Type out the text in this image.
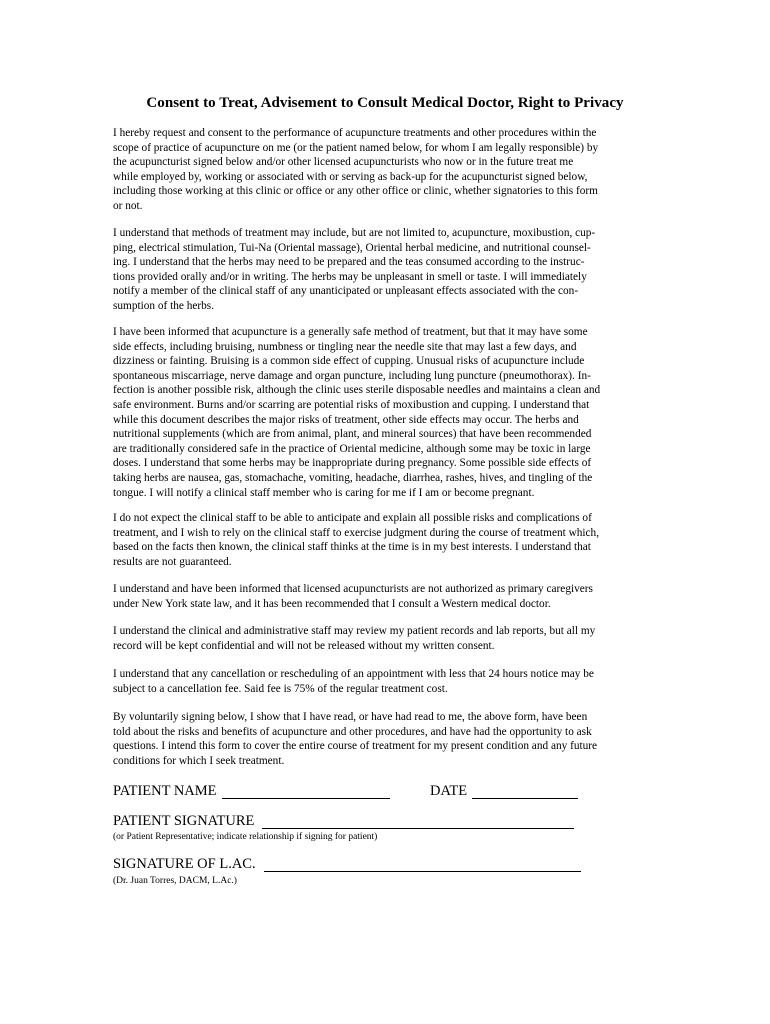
Consent to Treat, Advisement to Consult Medical Doctor, Right to Privacy
I hereby request and consent to the performance of acupuncture treatments and other procedures within the
scope of practice of acupuncture on me (or the patient named below, for whom I am legally responsible) by
the acupuncturist signed below and/or other licensed acupuncturists who now or in the future treat me
while employed by, working or associated with or serving as back-up for the acupuncturist signed below,
including those working at this clinic or office or any other office or clinic, whether signatories to this form
or not.
I understand that methods of treatment may include, but are not limited to, acupuncture, moxibustion, cup-
ping, electrical stimulation, Tui-Na (Oriental massage), Oriental herbal medicine, and nutritional counsel-
ing. I understand that the herbs may need to be prepared and the teas consumed according to the instruc-
tions provided orally and/or in writing. The herbs may be unpleasant in smell or taste. I will immediately
notify a member of the clinical staff of any unanticipated or unpleasant effects associated with the con-
sumption of the herbs.
I have been informed that acupuncture is a generally safe method of treatment, but that it may have some
side effects, including bruising, numbness or tingling near the needle site that may last a few days, and
dizziness or fainting. Bruising is a common side effect of cupping. Unusual risks of acupuncture include
spontaneous miscarriage, nerve damage and organ puncture, including lung puncture (pneumothorax). In-
fection is another possible risk, although the clinic uses sterile disposable needles and maintains a clean and
safe environment. Burns and/or scarring are potential risks of moxibustion and cupping. I understand that
while this document describes the major risks of treatment, other side effects may occur. The herbs and
nutritional supplements (which are from animal, plant, and mineral sources) that have been recommended
are traditionally considered safe in the practice of Oriental medicine, although some may be toxic in large
doses. I understand that some herbs may be inappropriate during pregnancy. Some possible side effects of
taking herbs are nausea, gas, stomachache, vomiting, headache, diarrhea, rashes, hives, and tingling of the
tongue. I will notify a clinical staff member who is caring for me if I am or become pregnant.
I do not expect the clinical staff to be able to anticipate and explain all possible risks and complications of
treatment, and I wish to rely on the clinical staff to exercise judgment during the course of treatment which,
based on the facts then known, the clinical staff thinks at the time is in my best interests. I understand that
results are not guaranteed.
I understand and have been informed that licensed acupuncturists are not authorized as primary caregivers
under New York state law, and it has been recommended that I consult a Western medical doctor.
I understand the clinical and administrative staff may review my patient records and lab reports, but all my
record will be kept confidential and will not be released without my written consent.
I understand that any cancellation or rescheduling of an appointment with less that 24 hours notice may be
subject to a cancellation fee. Said fee is 75% of the regular treatment cost.
By voluntarily signing below, I show that I have read, or have had read to me, the above form, have been
told about the risks and benefits of acupuncture and other procedures, and have had the opportunity to ask
questions. I intend this form to cover the entire course of treatment for my present condition and any future
conditions for which I seek treatment.
PATIENT NAME	DATE
PATIENT SIGNATURE
(or Patient Representative; indicate relationship if signing for patient)
SIGNATURE OF L.AC.
(Dr. Juan Torres, DACM, L.Ac.)
